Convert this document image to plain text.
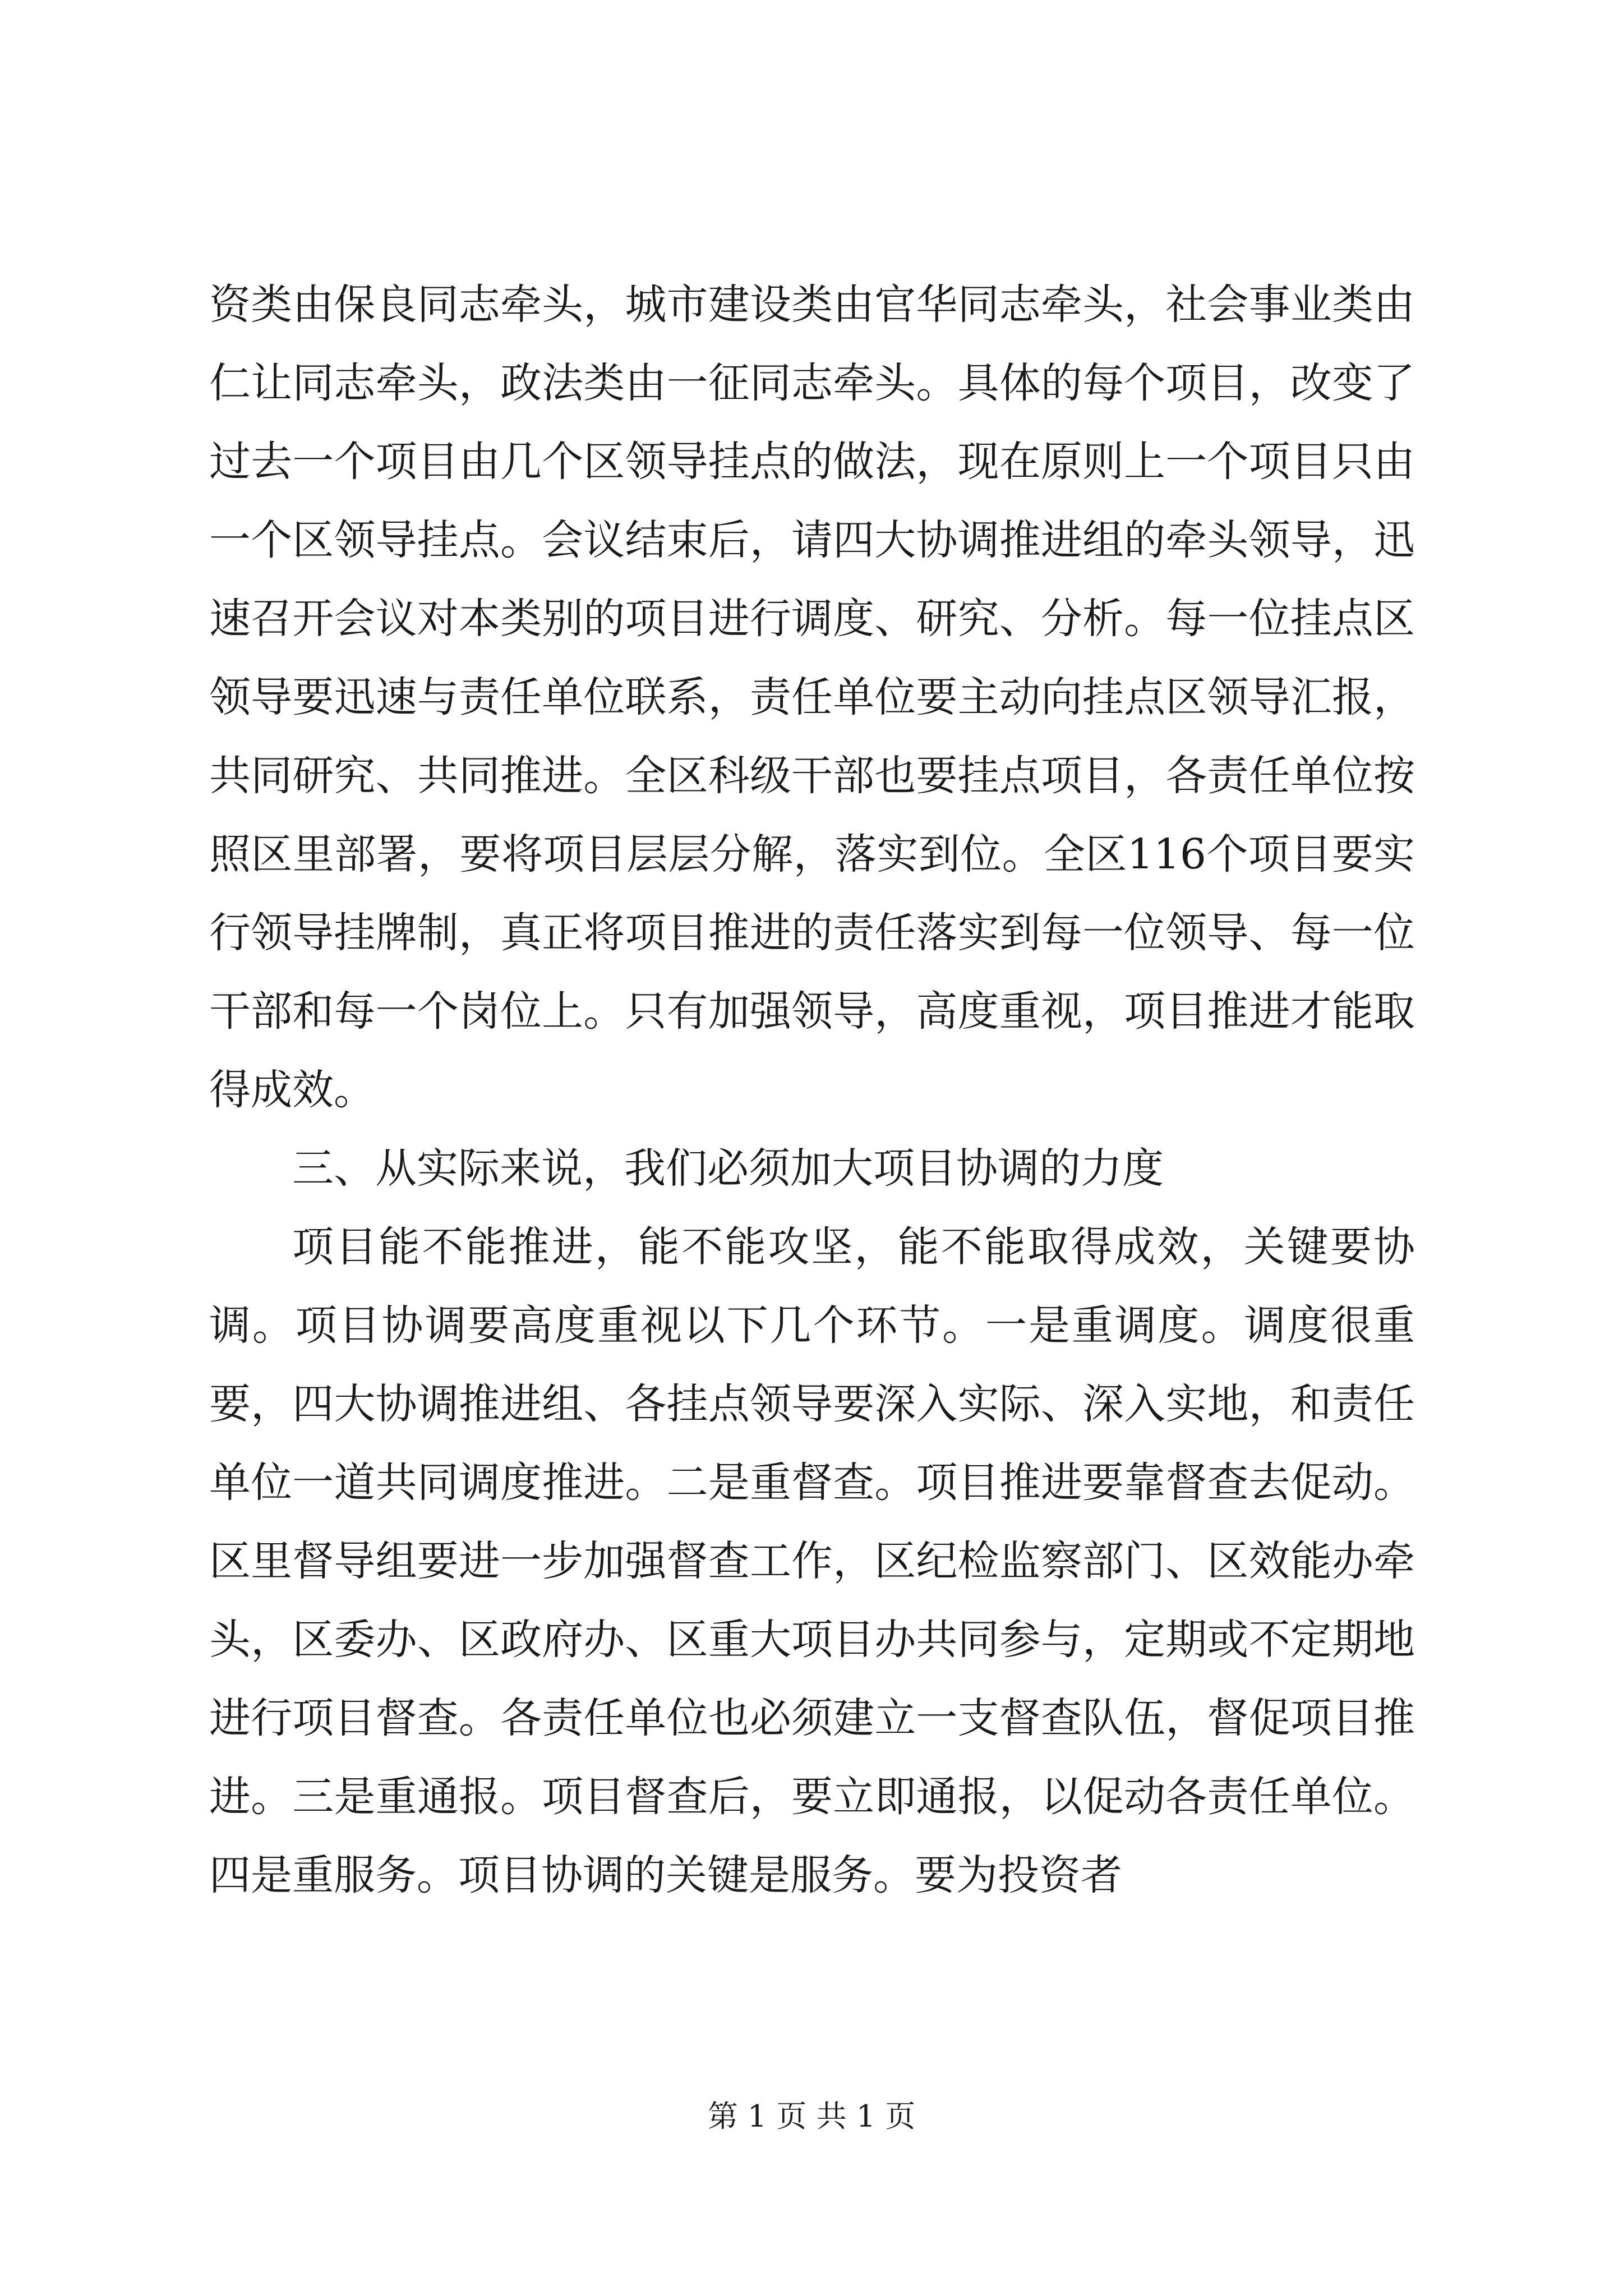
资类由保良同志牵头，城市建设类由官华同志牵头，社会事业类由仁让同志牵头，政法类由一征同志牵头。具体的每个项目，改变了过去一个项目由几个区领导挂点的做法，现在原则上一个项目只由一个区领导挂点。会议结束后，请四大协调推进组的牵头领导，迅速召开会议对本类别的项目进行调度、研究、分析。每一位挂点区领导要迅速与责任单位联系，责任单位要主动向挂点区领导汇报，共同研究、共同推进。全区科级干部也要挂点项目，各责任单位按照区里部署，要将项目层层分解，落实到位。全区116个项目要实行领导挂牌制，真正将项目推进的责任落实到每一位领导、每一位干部和每一个岗位上。只有加强领导，高度重视，项目推进才能取得成效。

三、从实际来说，我们必须加大项目协调的力度

项目能不能推进，能不能攻坚，能不能取得成效，关键要协调。项目协调要高度重视以下几个环节。一是重调度。调度很重要，四大协调推进组、各挂点领导要深入实际、深入实地，和责任单位一道共同调度推进。二是重督查。项目推进要靠督查去促动。区里督导组要进一步加强督查工作，区纪检监察部门、区效能办牵头，区委办、区政府办、区重大项目办共同参与，定期或不定期地进行项目督查。各责任单位也必须建立一支督查队伍，督促项目推进。三是重通报。项目督查后，要立即通报，以促动各责任单位。四是重服务。项目协调的关键是服务。要为投资者

第 1 页 共 1 页
